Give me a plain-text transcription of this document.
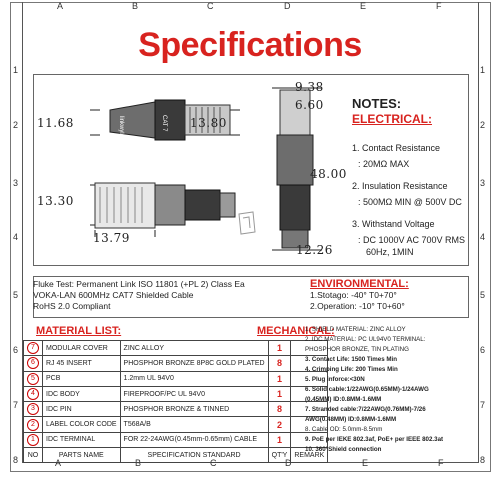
A	B	C	D	E	F
1
2
3
4
5
6
7
8
1
2
3
4
5
6
7
8
A	B	C	D	E	F
Specifications
linkwylan	CAT 7
11.68	13.80
13.30
13.79
9.38
6.60
48.00
12.26
NOTES:
ELECTRICAL:
1. Contact Resistance
: 20MΩ MAX
2. Insulation Resistance
: 500MΩ MIN @ 500V DC
3. Withstand Voltage
: DC 1000V AC 700V RMS
60Hz, 1MIN
Fluke Test: Permanent Link ISO 11801 (+PL 2) Class Ea
VOKA-LAN 600MHz CAT7 Shielded Cable
RoHS 2.0 Compliant
ENVIRONMENTAL:
1.Stotago: -40° T0+70°
2.Operation: -10° T0+60°
MATERIAL LIST:	MECHANICAL:
7	MODULAR COVER	ZINC ALLOY	1	
6	RJ 45 INSERT	PHOSPHOR BRONZE 8P8C GOLD PLATED	8	
5	PCB	1.2mm UL 94V0	1	
4	IDC BODY	FIREPROOF/PC UL 94V0	1	
3	IDC PIN	PHOSPHOR BRONZE & TINNED	8	
2	LABEL COLOR CODE	T568A/B	2	
1	IDC TERMINAL	FOR 22-24AWG(0.45mm-0.65mm) CABLE	1	
NO	PARTS NAME	SPECIFICATION STANDARD	QT'Y	REMARK
1. SHIELD MATERIAL: ZINC ALLOY
2. IDC MATERIAL: PC UL94V0 TERMINAL:
PHOSPHOR BRONZE, TIN PLATING
3. Contact Life: 1500 Times Min
4. Crimping Life: 200 Times Min
5. Plug inforce:<30N
6. Solid cable:1/22AWG(0.65MM)-1/24AWG
(0.45MM) ID:0.8MM-1.6MM
7. Stranded cable:7/22AWG(0.76MM)-7/26
AWG(0.48MM) ID:0.8MM-1.6MM
8. Cable OD: 5.0mm-8.5mm
9. PoE per IEKE 802.3af, PoE+ per IEEE 802.3at
10. 360°Shield connection
